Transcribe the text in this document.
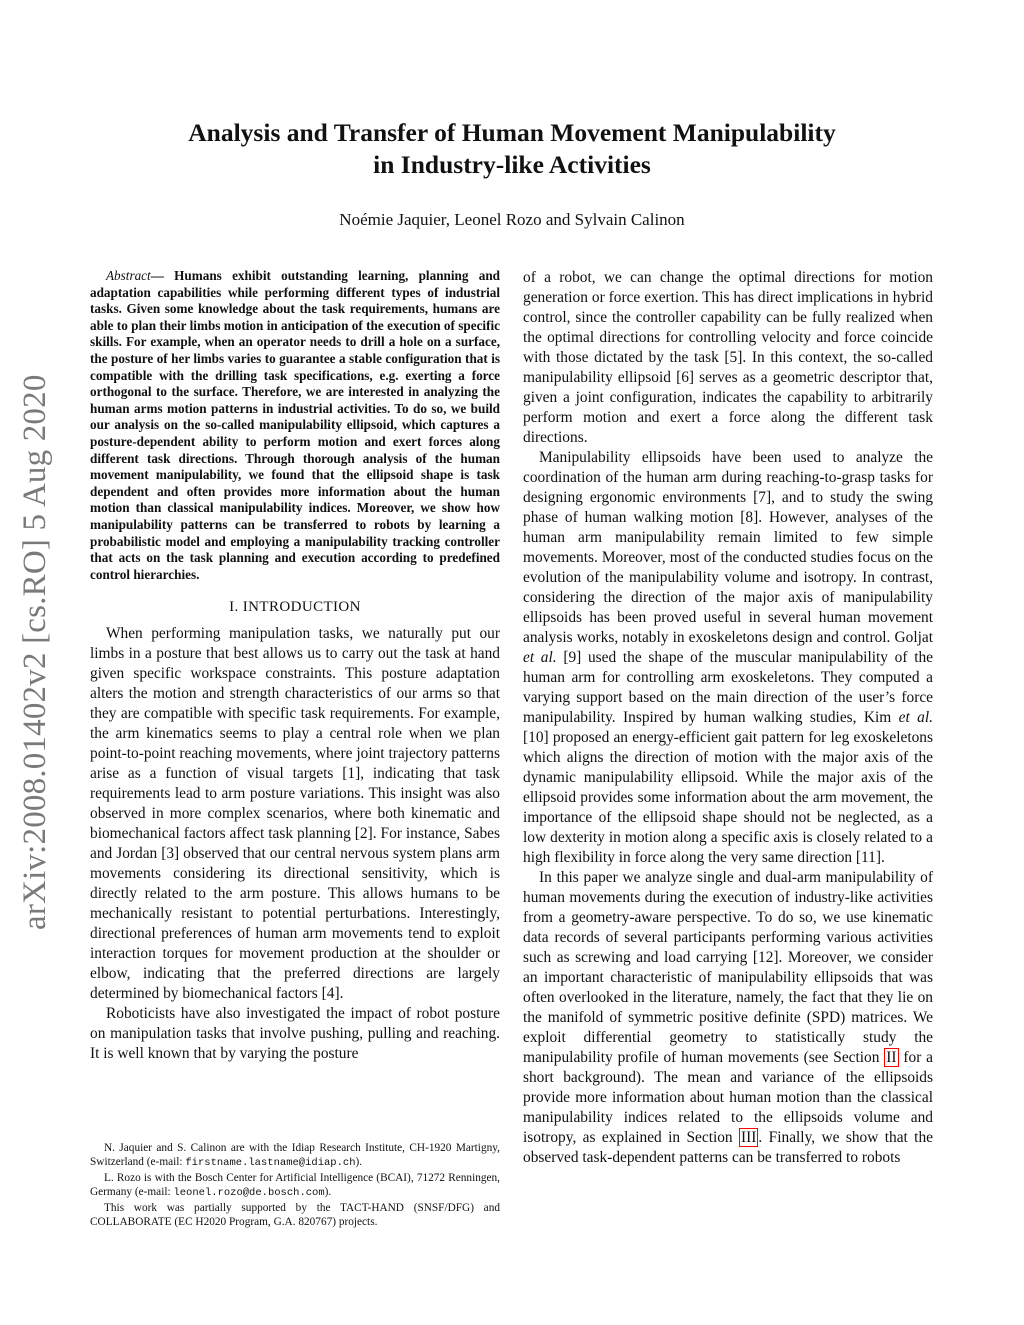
arXiv:2008.01402v2 [cs.RO] 5 Aug 2020
Analysis and Transfer of Human Movement Manipulability
in Industry-like Activities
Noémie Jaquier, Leonel Rozo and Sylvain Calinon

Abstract— Humans exhibit outstanding learning, planning and adaptation capabilities while performing different types of industrial tasks. Given some knowledge about the task requirements, humans are able to plan their limbs motion in anticipation of the execution of specific skills. For example, when an operator needs to drill a hole on a surface, the posture of her limbs varies to guarantee a stable configuration that is compatible with the drilling task specifications, e.g. exerting a force orthogonal to the surface. Therefore, we are interested in analyzing the human arms motion patterns in industrial activities. To do so, we build our analysis on the so-called manipulability ellipsoid, which captures a posture-dependent ability to perform motion and exert forces along different task directions. Through thorough analysis of the human movement manipulability, we found that the ellipsoid shape is task dependent and often provides more information about the human motion than classical manipulability indices. Moreover, we show how manipulability patterns can be transferred to robots by learning a probabilistic model and employing a manipulability tracking controller that acts on the task planning and execution according to predefined control hierarchies.

I. INTRODUCTION

When performing manipulation tasks, we naturally put our limbs in a posture that best allows us to carry out the task at hand given specific workspace constraints. This posture adaptation alters the motion and strength characteristics of our arms so that they are compatible with specific task requirements. For example, the arm kinematics seems to play a central role when we plan point-to-point reaching movements, where joint trajectory patterns arise as a function of visual targets [1], indicating that task requirements lead to arm posture variations. This insight was also observed in more complex scenarios, where both kinematic and biomechanical factors affect task planning [2]. For instance, Sabes and Jordan [3] observed that our central nervous system plans arm movements considering its directional sensitivity, which is directly related to the arm posture. This allows humans to be mechanically resistant to potential perturbations. Interestingly, directional preferences of human arm movements tend to exploit interaction torques for movement production at the shoulder or elbow, indicating that the preferred directions are largely determined by biomechanical factors [4].

Roboticists have also investigated the impact of robot posture on manipulation tasks that involve pushing, pulling and reaching. It is well known that by varying the posture

N. Jaquier and S. Calinon are with the Idiap Research Institute, CH-1920 Martigny, Switzerland (e-mail: firstname.lastname@idiap.ch).

L. Rozo is with the Bosch Center for Artificial Intelligence (BCAI), 71272 Renningen, Germany (e-mail: leonel.rozo@de.bosch.com).

This work was partially supported by the TACT-HAND (SNSF/DFG) and COLLABORATE (EC H2020 Program, G.A. 820767) projects.

of a robot, we can change the optimal directions for motion generation or force exertion. This has direct implications in hybrid control, since the controller capability can be fully realized when the optimal directions for controlling velocity and force coincide with those dictated by the task [5]. In this context, the so-called manipulability ellipsoid [6] serves as a geometric descriptor that, given a joint configuration, indicates the capability to arbitrarily perform motion and exert a force along the different task directions.

Manipulability ellipsoids have been used to analyze the coordination of the human arm during reaching-to-grasp tasks for designing ergonomic environments [7], and to study the swing phase of human walking motion [8]. However, analyses of the human arm manipulability remain limited to few simple movements. Moreover, most of the conducted studies focus on the evolution of the manipulability volume and isotropy. In contrast, considering the direction of the major axis of manipulability ellipsoids has been proved useful in several human movement analysis works, notably in exoskeletons design and control. Goljat et al. [9] used the shape of the muscular manipulability of the human arm for controlling arm exoskeletons. They computed a varying support based on the main direction of the user’s force manipulability. Inspired by human walking studies, Kim et al. [10] proposed an energy-efficient gait pattern for leg exoskeletons which aligns the direction of motion with the major axis of the dynamic manipulability ellipsoid. While the major axis of the ellipsoid provides some information about the arm movement, the importance of the ellipsoid shape should not be neglected, as a low dexterity in motion along a specific axis is closely related to a high flexibility in force along the very same direction [11].

In this paper we analyze single and dual-arm manipulability of human movements during the execution of industry-like activities from a geometry-aware perspective. To do so, we use kinematic data records of several participants performing various activities such as screwing and load carrying [12]. Moreover, we consider an important characteristic of manipulability ellipsoids that was often overlooked in the literature, namely, the fact that they lie on the manifold of symmetric positive definite (SPD) matrices. We exploit differential geometry to statistically study the manipulability profile of human movements (see Section II for a short background). The mean and variance of the ellipsoids provide more information about human motion than the classical manipulability indices related to the ellipsoids volume and isotropy, as explained in Section III . Finally, we show that the observed task-dependent patterns can be transferred to robots
